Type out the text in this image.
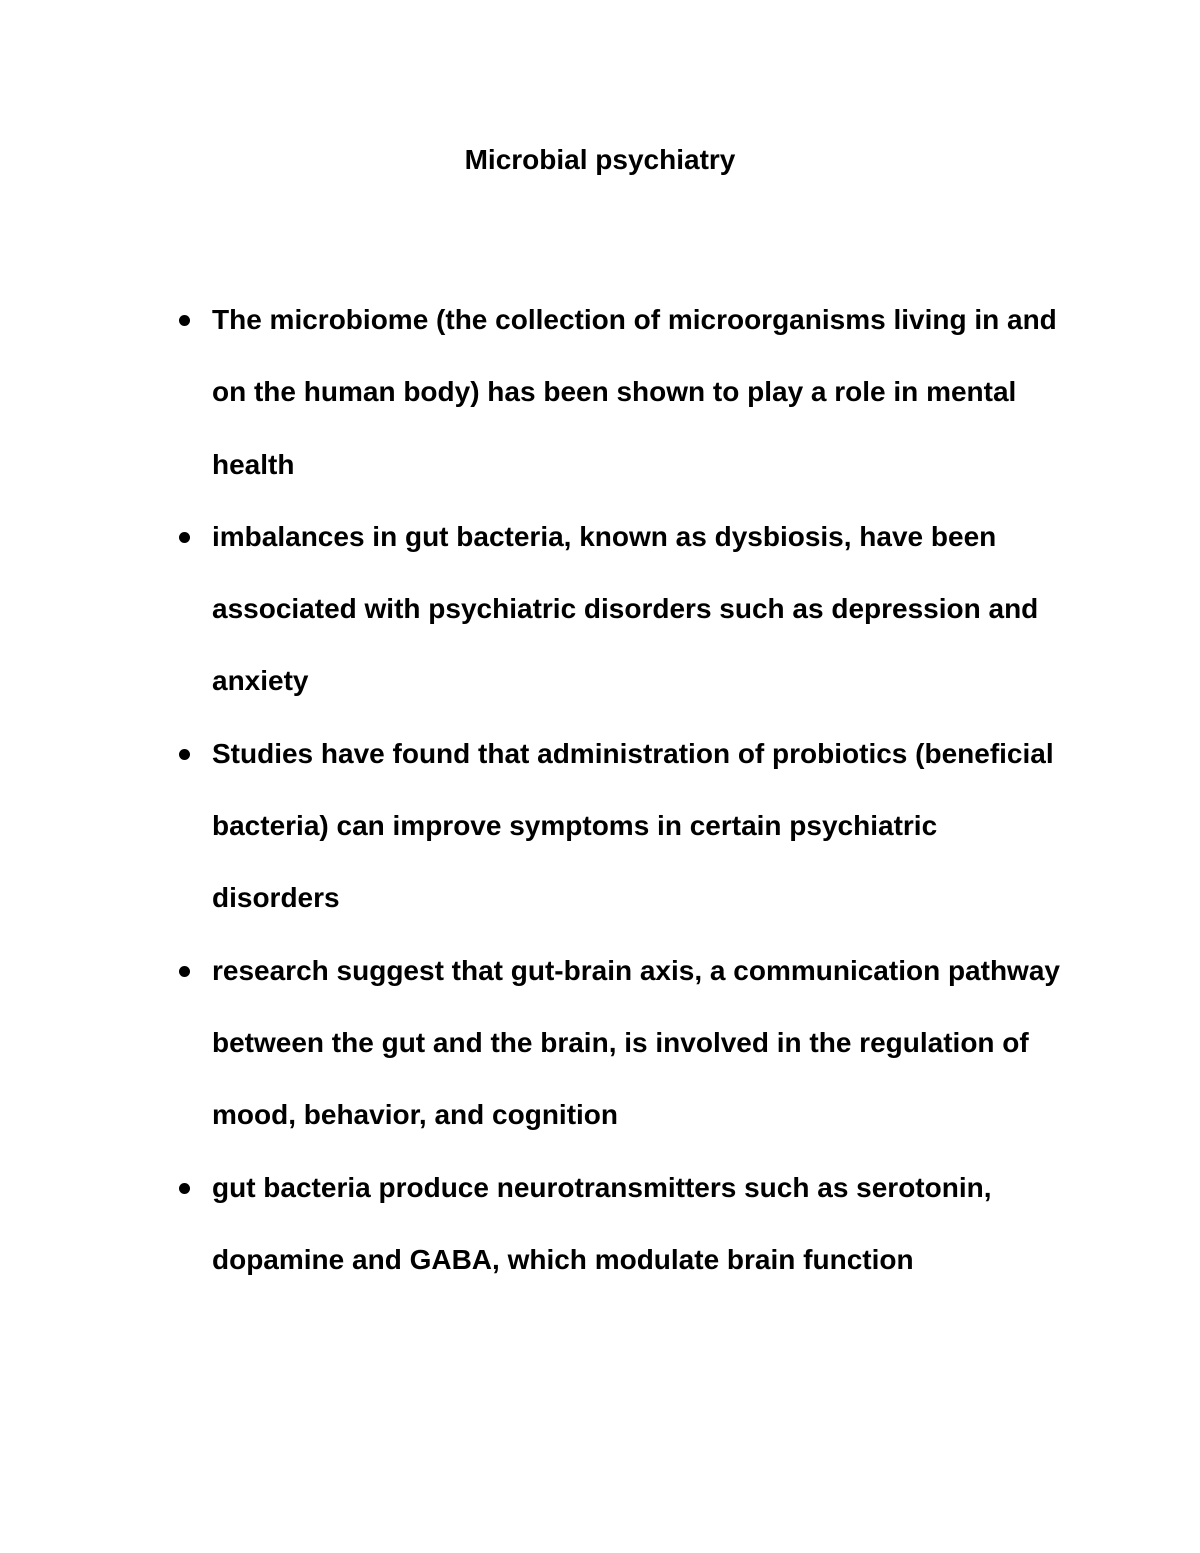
Microbial psychiatry
The microbiome (the collection of microorganisms living in and on the human body) has been shown to play a role in mental health
imbalances in gut bacteria, known as dysbiosis, have been associated with psychiatric disorders such as depression and anxiety
Studies have found that administration of probiotics (beneficial bacteria) can improve symptoms in certain psychiatric disorders
research suggest that gut-brain axis, a communication pathway between the gut and the brain, is involved in the regulation of mood, behavior, and cognition
gut bacteria produce neurotransmitters such as serotonin, dopamine and GABA, which modulate brain function
